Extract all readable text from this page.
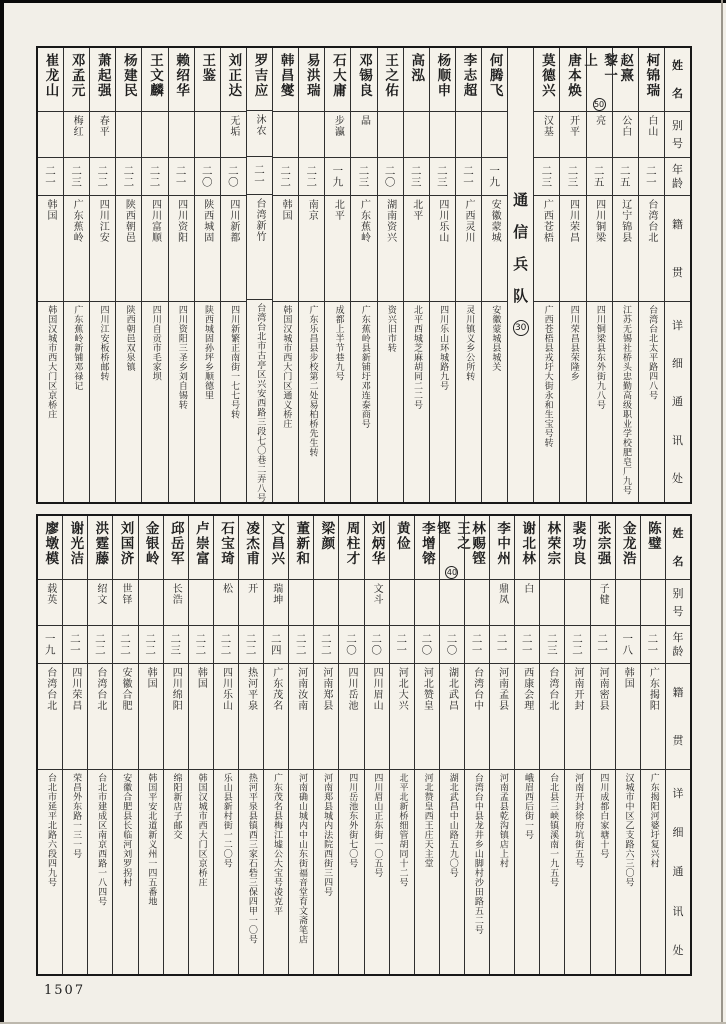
姓
名
别
号
年
龄
籍
贯
详
细
通
讯
处
柯锦瑞
白山
二一
台湾台北
台湾台北太平路四八号
赵熹
公白
二五
辽宁锦县
江苏无锡社桥头忠勤高级职业学校肥皂厂九号
黎一上
50
亮
二五
四川铜梁
四川铜梁县东外街九八号
唐本焕
开平
二三
四川荣昌
四川荣昌县荣隆乡
莫德兴
汉基
二三
广西苍梧
广西苍梧县戎圩大街永和生宝号转
通
信
兵
队
30
何腾飞
一九
安徽蒙城
安徽蒙城县城关
李志超
二一
广西灵川
灵川镇义乡公所转
杨顺申
二三
四川乐山
四川乐山环城路九号
高泓
二三
北平
北平西城芝麻胡同二二号
王之佑
二〇
湖南资兴
资兴旧市转
邓锡良
晶
二三
广东蕉岭
广东蕉岭县新铺圩邓连泰商号
石大庸
步瀛
一九
北平
成都上半节巷九号
易洪瑞
二二
南京
广东乐昌县步校第二处易柏桥先生转
韩昌燮
二二
韩国
韩国汉城市西大门区通义桥庄
罗吉应
沐农
二一
台湾新竹
台湾台北市古亭区兴安西路三段七〇巷二弄八号
刘正达
无垢
二〇
四川新都
四川新繁正南街一七七号转
王鉴
二〇
陕西城固
陕西城固孙坪乡顺德里
赖绍华
二一
四川资阳
四川资阳三圣乡刘自锡转
王文麟
二二
四川富顺
四川自贡市毛家坝
杨建民
二二
陕西朝邑
陕西朝邑双泉镇
萧起强
春平
二二
四川江安
四川江安板桥邮转
邓孟元
梅红
二三
广东蕉岭
广东蕉岭新铺邓禄记
崔龙山
二一
韩国
韩国汉城市西大门区京桥庄
姓
名
别
号
年
龄
籍
贯
详
细
通
讯
处
陈璧
二一
广东揭阳
广东揭阳河婆圩复兴村
金龙浩
一八
韩国
汉城市中区乙支路六三〇号
张宗强
子健
二一
河南密县
四川成都白家塘十号
裴功良
二二
河南开封
河南开封徐府坑街五号
林荣宗
二三
台湾台北
台北县三峡镇溪南一九五号
谢北林
白
二一
西康会理
峨眉西后街一号
李中州
鼎凤
二一
河南孟县
河南孟县乾沟镇店上村
林赐铿
二一
台湾台中
台湾台中县龙井乡山脚村沙田路五二号
王之铿
40
二〇
湖北武昌
湖北武昌中山路五九〇号
李增镕
二〇
河北赞皇
河北赞皇西王庄天主堂
黄俭
二一
河北大兴
北平北新桥细管胡同十二号
刘炳华
文斗
二〇
四川眉山
四川眉山正东街一〇五号
周柱才
二〇
四川岳池
四川岳池东外街七〇号
梁颜
二二
河南郑县
河南郑县城内法院西街三四号
董新和
二二
河南汝南
河南确山城内中山东街福音堂育文斋笔店
文昌兴
瑞坤
二四
广东茂名
广东茂名县梅江墟公大宝号凌克平
凌杰甫
开
二二
热河平泉
热河平泉县镇西三家石砦三保四甲一〇号
石宝琦
松
二二
四川乐山
乐山县新村街一二〇号
卢崇富
二二
韩国
韩国汉城市西大门区京桥庄
邱岳军
长浩
二三
四川绵阳
绵阳新店子邮交
金银岭
二二
韩国
韩国平安北道新义州一四五番地
刘国济
世铎
二二
安徽合肥
安徽合肥县长临河刘罗拐村
洪霆藤
绍文
二二
台湾台北
台北市建成区南京西路一八四号
谢光洁
二一
四川荣昌
荣昌外东路一三一号
廖墩模
载英
一九
台湾台北
台北市延平北路六段四九号
1507
